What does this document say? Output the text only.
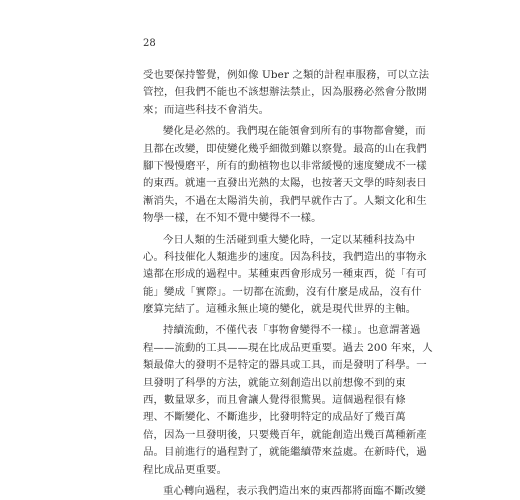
28
受也要保持警覺，例如像 Uber 之類的計程車服務，可以立法
管控，但我們不能也不該想辦法禁止，因為服務必然會分散開
來；而這些科技不會消失。
變化是必然的。我們現在能領會到所有的事物都會變，而
且都在改變，即使變化幾乎細微到難以察覺。最高的山在我們
腳下慢慢磨平，所有的動植物也以非常緩慢的速度變成不一樣
的東西。就連一直發出光熱的太陽，也按著天文學的時刻表日
漸消失，不過在太陽消失前，我們早就作古了。人類文化和生
物學一樣，在不知不覺中變得不一樣。
今日人類的生活碰到重大變化時，一定以某種科技為中
心。科技催化人類進步的速度。因為科技，我們造出的事物永
遠都在形成的過程中。某種東西會形成另一種東西，從「有可
能」變成「實際」。一切都在流動，沒有什麼是成品，沒有什
麼算完結了。這種永無止境的變化，就是現代世界的主軸。
持續流動，不僅代表「事物會變得不一樣」。也意謂著過
程——流動的工具——現在比成品更重要。過去 200 年來，人
類最偉大的發明不是特定的器具或工具，而是發明了科學。一
旦發明了科學的方法，就能立刻創造出以前想像不到的東
西，數量眾多，而且會讓人覺得很驚異。這個過程很有條
理、不斷變化、不斷進步，比發明特定的成品好了幾百萬
倍，因為一旦發明後，只要幾百年，就能創造出幾百萬種新產
品。目前進行的過程對了，就能繼續帶來益處。在新時代，過
程比成品更重要。
重心轉向過程，表示我們造出來的東西都將面臨不斷改變
